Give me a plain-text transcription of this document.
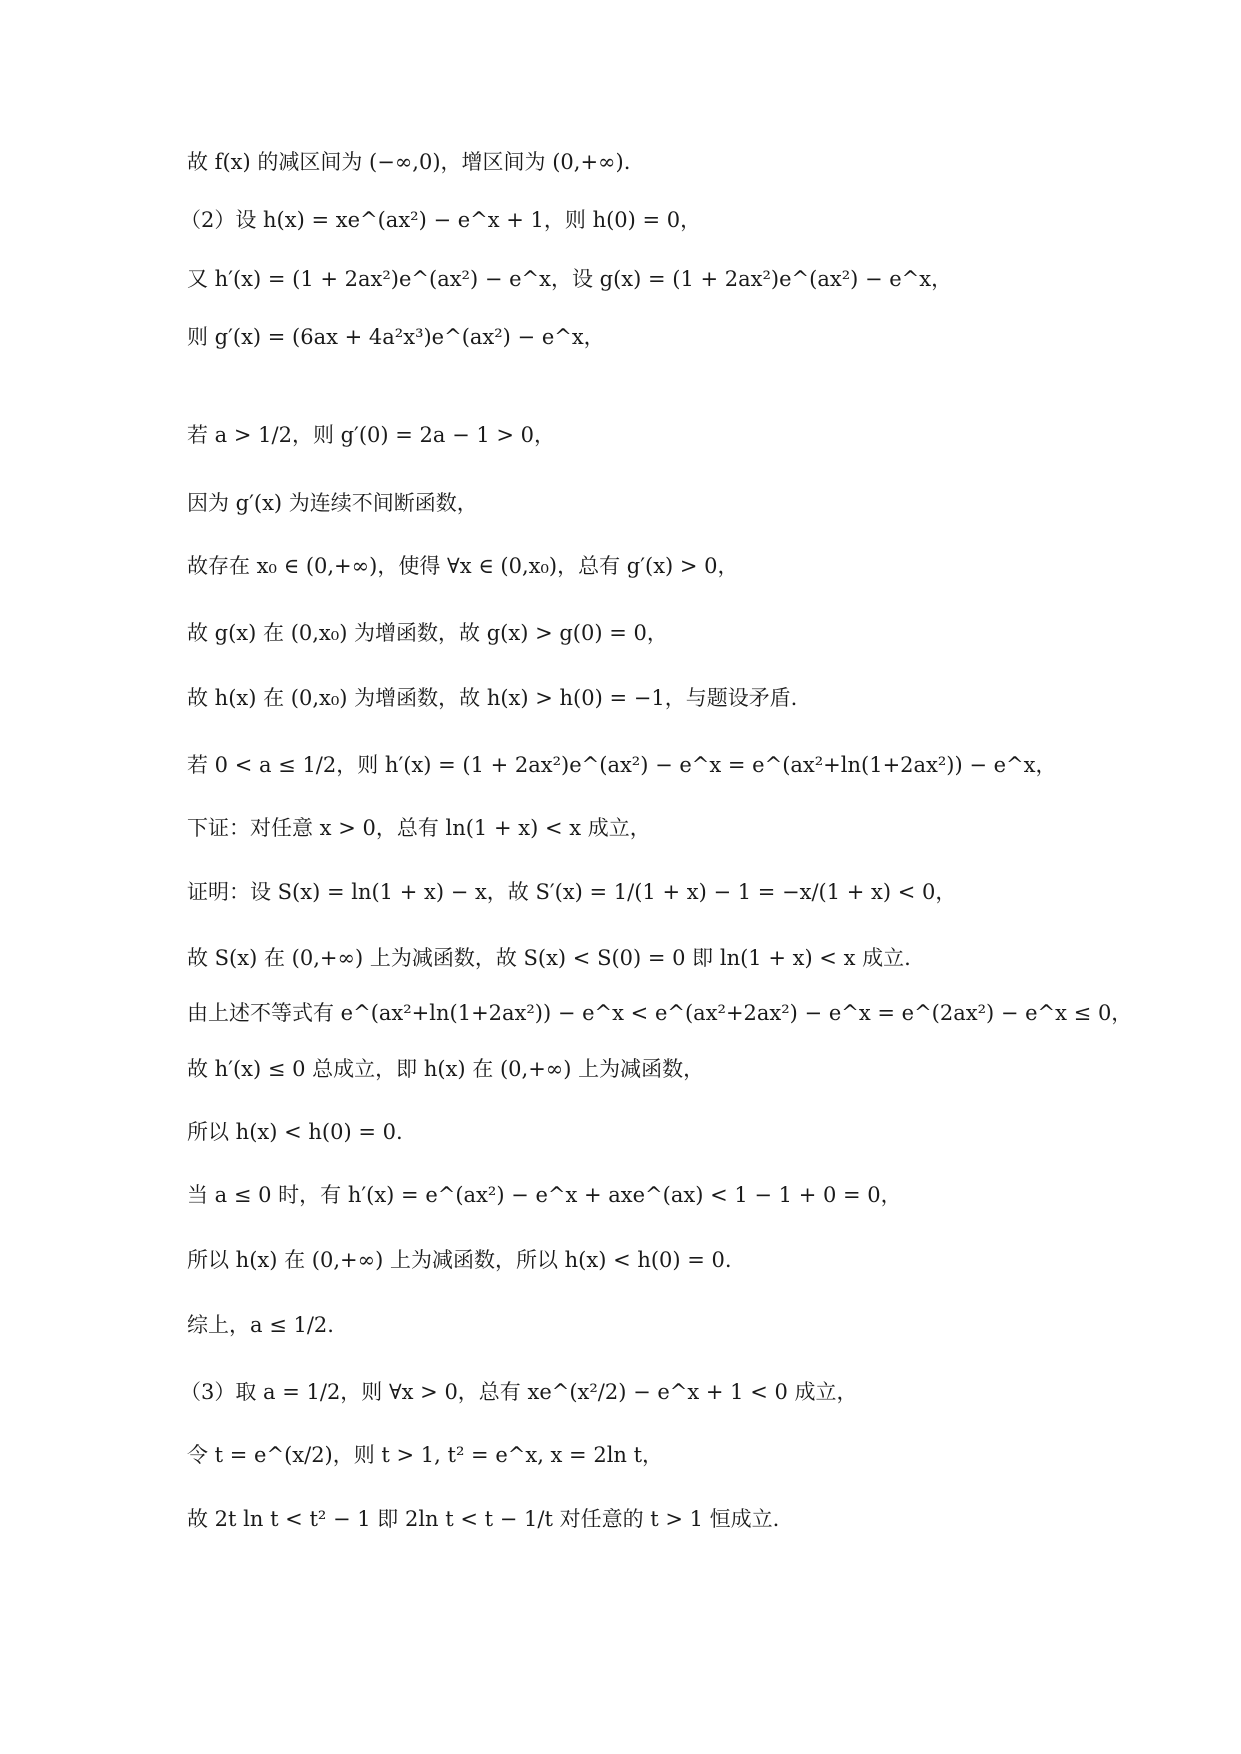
故 f(x) 的减区间为 (−∞,0)，增区间为 (0,+∞).
（2）设 h(x) = xe^(ax²) − e^x + 1，则 h(0) = 0，
又 h′(x) = (1 + 2ax²)e^(ax²) − e^x，设 g(x) = (1 + 2ax²)e^(ax²) − e^x，
则 g′(x) = (6ax + 4a²x³)e^(ax²) − e^x，
若 a > 1/2，则 g′(0) = 2a − 1 > 0，
因为 g′(x) 为连续不间断函数，
故存在 x₀ ∈ (0,+∞)，使得 ∀x ∈ (0,x₀)，总有 g′(x) > 0，
故 g(x) 在 (0,x₀) 为增函数，故 g(x) > g(0) = 0，
故 h(x) 在 (0,x₀) 为增函数，故 h(x) > h(0) = −1，与题设矛盾.
若 0 < a ≤ 1/2，则 h′(x) = (1 + 2ax²)e^(ax²) − e^x = e^(ax²+ln(1+2ax²)) − e^x，
下证：对任意 x > 0，总有 ln(1 + x) < x 成立，
证明：设 S(x) = ln(1 + x) − x，故 S′(x) = 1/(1 + x) − 1 = −x/(1 + x) < 0，
故 S(x) 在 (0,+∞) 上为减函数，故 S(x) < S(0) = 0 即 ln(1 + x) < x 成立.
由上述不等式有 e^(ax²+ln(1+2ax²)) − e^x < e^(ax²+2ax²) − e^x = e^(2ax²) − e^x ≤ 0，
故 h′(x) ≤ 0 总成立，即 h(x) 在 (0,+∞) 上为减函数，
所以 h(x) < h(0) = 0.
当 a ≤ 0 时，有 h′(x) = e^(ax²) − e^x + axe^(ax) < 1 − 1 + 0 = 0，
所以 h(x) 在 (0,+∞) 上为减函数，所以 h(x) < h(0) = 0.
综上，a ≤ 1/2.
（3）取 a = 1/2，则 ∀x > 0，总有 xe^(x²/2) − e^x + 1 < 0 成立，
令 t = e^(x/2)，则 t > 1, t² = e^x, x = 2ln t，
故 2t ln t < t² − 1 即 2ln t < t − 1/t 对任意的 t > 1 恒成立.
